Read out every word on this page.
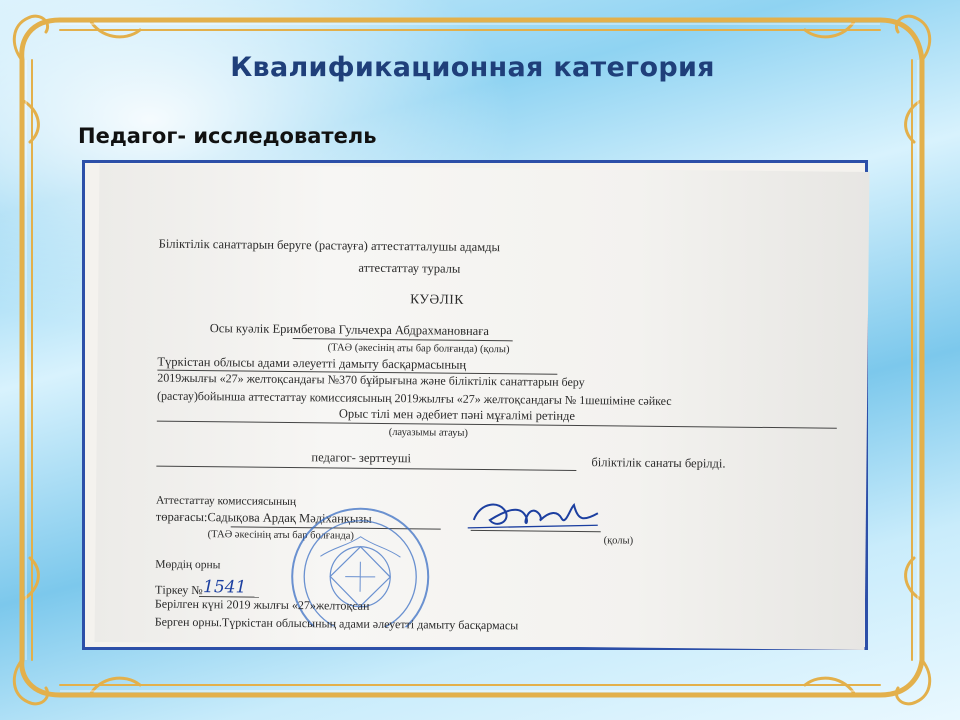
Квалификационная категория
Педагог- исследователь
Біліктілік санаттарын беруге (растауға) аттестатталушы адамды
аттестаттау туралы
КУӘЛІК
Осы куәлік Еримбетова Гульчехра Абдрахмановнаға
(ТАӘ (әкесінің аты бар болғанда) (қолы)
Түркістан облысы адами әлеуетті дамыту басқармасының
2019жылғы «27» желтоқсандағы №370 бұйрығына және біліктілік санаттарын беру
(растау)бойынша аттестаттау комиссиясының 2019жылғы «27» желтоқсандағы № 1шешіміне сәйкес
Орыс тілі мен әдебиет пәні мұғалімі ретінде
(лауазымы атауы)
педагог- зерттеуші	біліктілік санаты берілді.
Аттестаттау комиссиясының
төрағасы:Садықова Ардақ Мәдіханқызы
(ТАӘ әкесінің аты бар болғанда)	(қолы)
Мөрдің орны
Тіркеу № 1541
Берілген күні 2019 жылғы «27»желтоқсан
Берген орны.Түркістан облысының адами әлеуетті дамыту басқармасы
